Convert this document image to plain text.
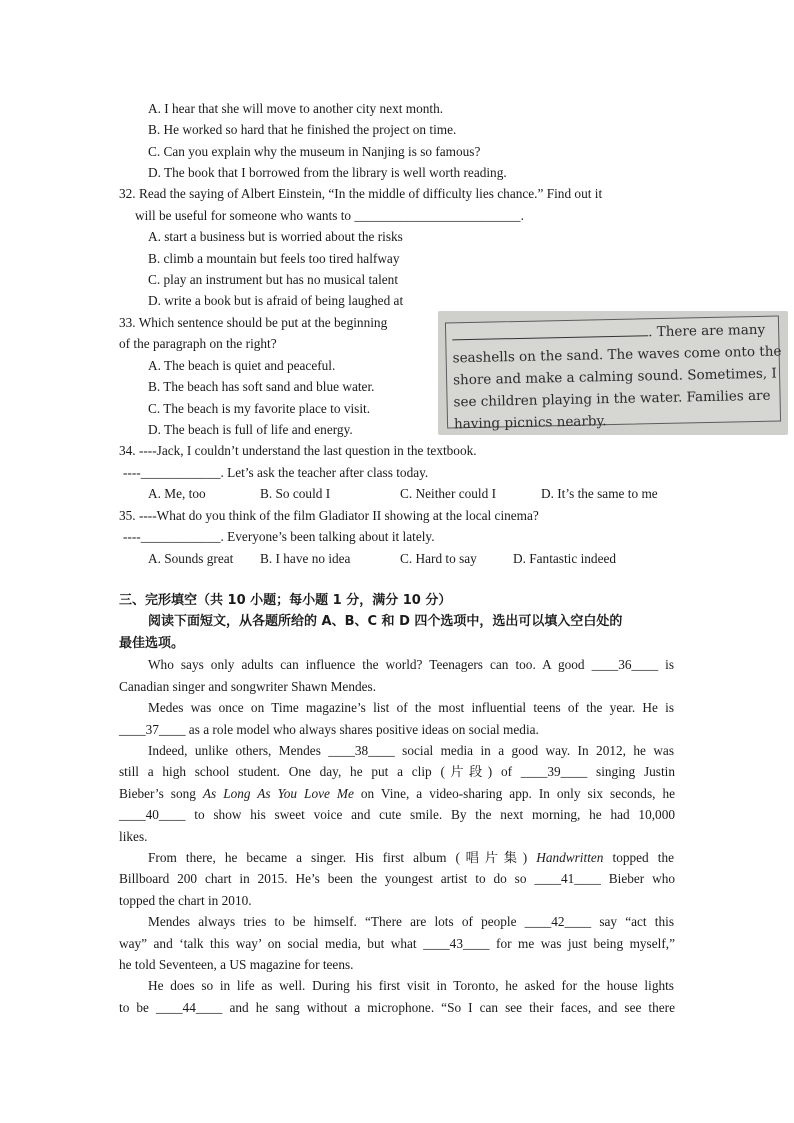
A. I hear that she will move to another city next month.
B. He worked so hard that he finished the project on time.
C. Can you explain why the museum in Nanjing is so famous?
D. The book that I borrowed from the library is well worth reading.
32. Read the saying of Albert Einstein, “In the middle of difficulty lies chance.” Find out it
will be useful for someone who wants to _________________________.
A. start a business but is worried about the risks
B. climb a mountain but feels too tired halfway
C. play an instrument but has no musical talent
D. write a book but is afraid of being laughed at
33. Which sentence should be put at the beginning
of the paragraph on the right?
A. The beach is quiet and peaceful.
B. The beach has soft sand and blue water.
C. The beach is my favorite place to visit.
D. The beach is full of life and energy.
. There are many
seashells on the sand. The waves come onto the
shore and make a calming sound. Sometimes, I
see children playing in the water. Families are
having picnics nearby.
34. ----Jack, I couldn’t understand the last question in the textbook.
----____________. Let’s ask the teacher after class today.
A. Me, too	B. So could I	C. Neither could I	D. It’s the same to me
35. ----What do you think of the film Gladiator II showing at the local cinema?
----____________. Everyone’s been talking about it lately.
A. Sounds great B. I have no idea	C. Hard to say	D. Fantastic indeed
三、完形填空（共 10 小题；每小题 1 分，满分 10 分）
阅读下面短文，从各题所给的 A、B、C 和 D 四个选项中，选出可以填入空白处的
最佳选项。
Who says only adults can influence the world? Teenagers can too. A good ____36____ is
Canadian singer and songwriter Shawn Mendes.
Medes was once on Time magazine’s list of the most influential teens of the year. He is
____37____ as a role model who always shares positive ideas on social media.
Indeed, unlike others, Mendes ____38____ social media in a good way. In 2012, he was
still a high school student. One day, he put a clip (片段) of ____39____ singing Justin
Bieber’s song As Long As You Love Me on Vine, a video-sharing app. In only six seconds, he
____40____ to show his sweet voice and cute smile. By the next morning, he had 10,000
likes.
From there, he became a singer. His first album (唱片集) Handwritten topped the
Billboard 200 chart in 2015. He’s been the youngest artist to do so ____41____ Bieber who
topped the chart in 2010.
Mendes always tries to be himself. “There are lots of people ____42____ say “act this
way” and ‘talk this way’ on social media, but what ____43____ for me was just being myself,”
he told Seventeen, a US magazine for teens.
He does so in life as well. During his first visit in Toronto, he asked for the house lights
to be ____44____ and he sang without a microphone. “So I can see their faces, and see there
